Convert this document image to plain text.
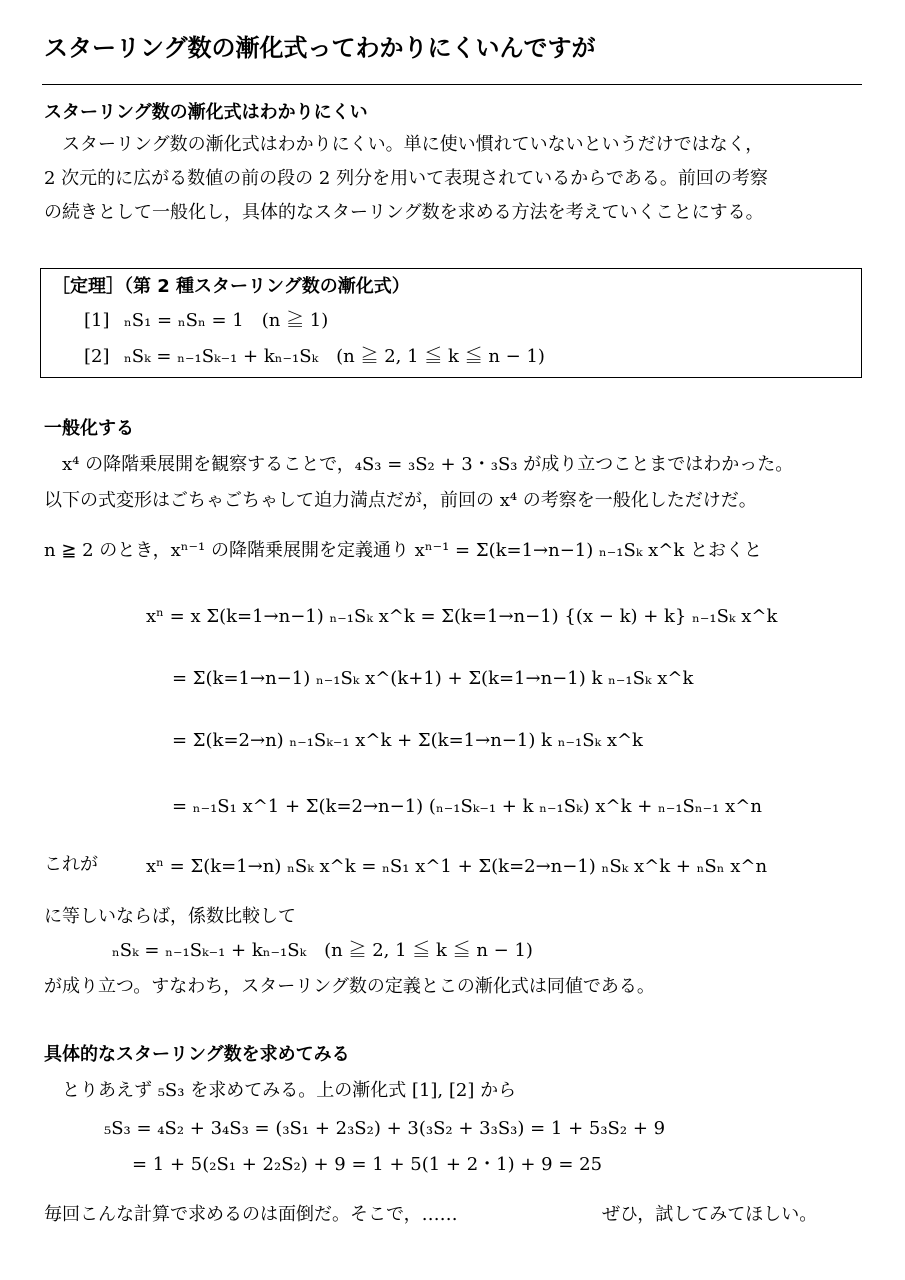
スターリング数の漸化式ってわかりにくいんですが
スターリング数の漸化式はわかりにくい
スターリング数の漸化式はわかりにくい。単に使い慣れていないというだけではなく，
2 次元的に広がる数値の前の段の 2 列分を用いて表現されているからである。前回の考察
の続きとして一般化し，具体的なスターリング数を求める方法を考えていくことにする。
［定理］（第 2 種スターリング数の漸化式）
[1] ₙS₁ = ₙSₙ = 1　(n ≧ 1)
[2] ₙSₖ = ₙ₋₁Sₖ₋₁ + kₙ₋₁Sₖ　(n ≧ 2, 1 ≦ k ≦ n − 1)
一般化する
x⁴ の降階乗展開を観察することで，₄S₃ = ₃S₂ + 3・₃S₃ が成り立つことまではわかった。
以下の式変形はごちゃごちゃして迫力満点だが，前回の x⁴ の考察を一般化しただけだ。
n ≧ 2 のとき，xⁿ⁻¹ の降階乗展開を定義通り xⁿ⁻¹ = Σ(k=1→n−1) ₙ₋₁Sₖ x^k とおくと
xⁿ = x Σ(k=1→n−1) ₙ₋₁Sₖ x^k = Σ(k=1→n−1) {(x − k) + k} ₙ₋₁Sₖ x^k
= Σ(k=1→n−1) ₙ₋₁Sₖ x^(k+1) + Σ(k=1→n−1) k ₙ₋₁Sₖ x^k
= Σ(k=2→n) ₙ₋₁Sₖ₋₁ x^k + Σ(k=1→n−1) k ₙ₋₁Sₖ x^k
= ₙ₋₁S₁ x^1 + Σ(k=2→n−1) (ₙ₋₁Sₖ₋₁ + k ₙ₋₁Sₖ) x^k + ₙ₋₁Sₙ₋₁ x^n
これが	xⁿ = Σ(k=1→n) ₙSₖ x^k = ₙS₁ x^1 + Σ(k=2→n−1) ₙSₖ x^k + ₙSₙ x^n
に等しいならば，係数比較して
ₙSₖ = ₙ₋₁Sₖ₋₁ + kₙ₋₁Sₖ　(n ≧ 2, 1 ≦ k ≦ n − 1)
が成り立つ。すなわち，スターリング数の定義とこの漸化式は同値である。
具体的なスターリング数を求めてみる
とりあえず ₅S₃ を求めてみる。上の漸化式 [1], [2] から
₅S₃ = ₄S₂ + 3₄S₃ = (₃S₁ + 2₃S₂) + 3(₃S₂ + 3₃S₃) = 1 + 5₃S₂ + 9
= 1 + 5(₂S₁ + 2₂S₂) + 9 = 1 + 5(1 + 2・1) + 9 = 25
毎回こんな計算で求めるのは面倒だ。そこで，……	ぜひ，試してみてほしい。
